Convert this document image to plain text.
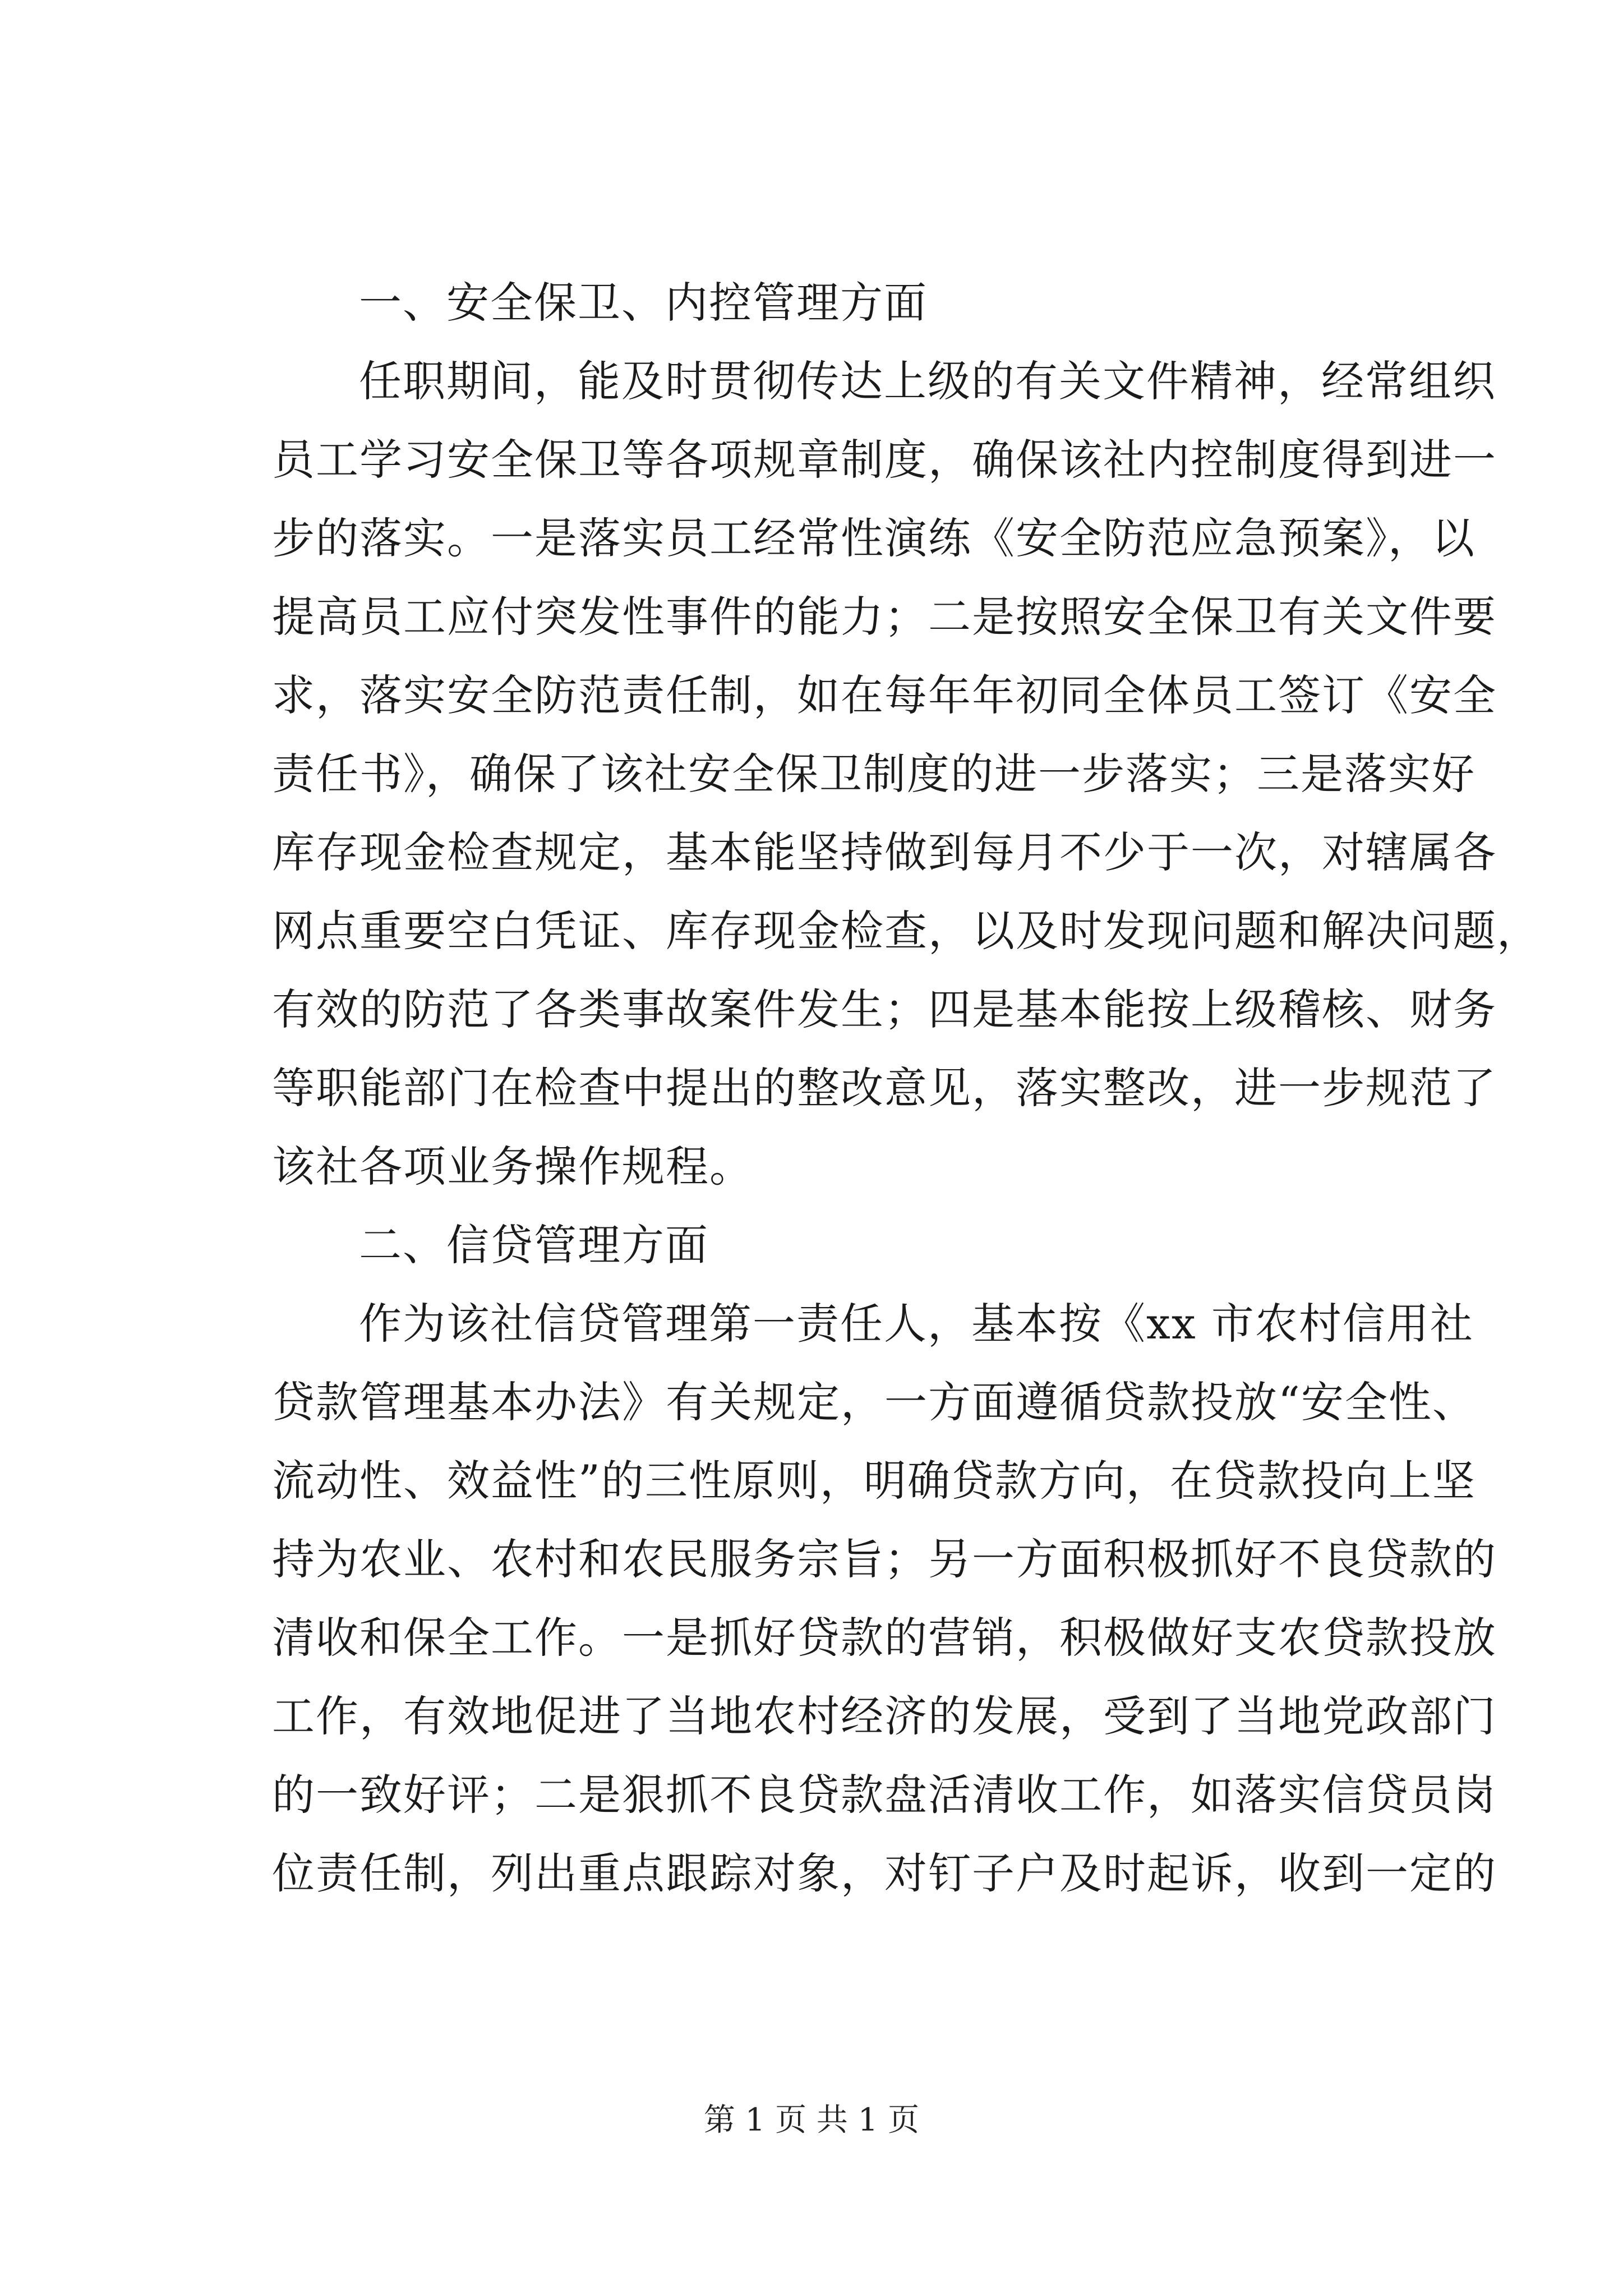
一、安全保卫、内控管理方面
任职期间，能及时贯彻传达上级的有关文件精神，经常组织
员工学习安全保卫等各项规章制度，确保该社内控制度得到进一
步的落实。一是落实员工经常性演练《安全防范应急预案》，以
提高员工应付突发性事件的能力；二是按照安全保卫有关文件要
求，落实安全防范责任制，如在每年年初同全体员工签订《安全
责任书》，确保了该社安全保卫制度的进一步落实；三是落实好
库存现金检查规定，基本能坚持做到每月不少于一次，对辖属各
网点重要空白凭证、库存现金检查，以及时发现问题和解决问题，
有效的防范了各类事故案件发生；四是基本能按上级稽核、财务
等职能部门在检查中提出的整改意见，落实整改，进一步规范了
该社各项业务操作规程。
二、信贷管理方面
作为该社信贷管理第一责任人，基本按《xx 市农村信用社
贷款管理基本办法》有关规定，一方面遵循贷款投放“安全性、
流动性、效益性”的三性原则，明确贷款方向，在贷款投向上坚
持为农业、农村和农民服务宗旨；另一方面积极抓好不良贷款的
清收和保全工作。一是抓好贷款的营销，积极做好支农贷款投放
工作，有效地促进了当地农村经济的发展，受到了当地党政部门
的一致好评；二是狠抓不良贷款盘活清收工作，如落实信贷员岗
位责任制，列出重点跟踪对象，对钉子户及时起诉，收到一定的
第 1 页 共 1 页
